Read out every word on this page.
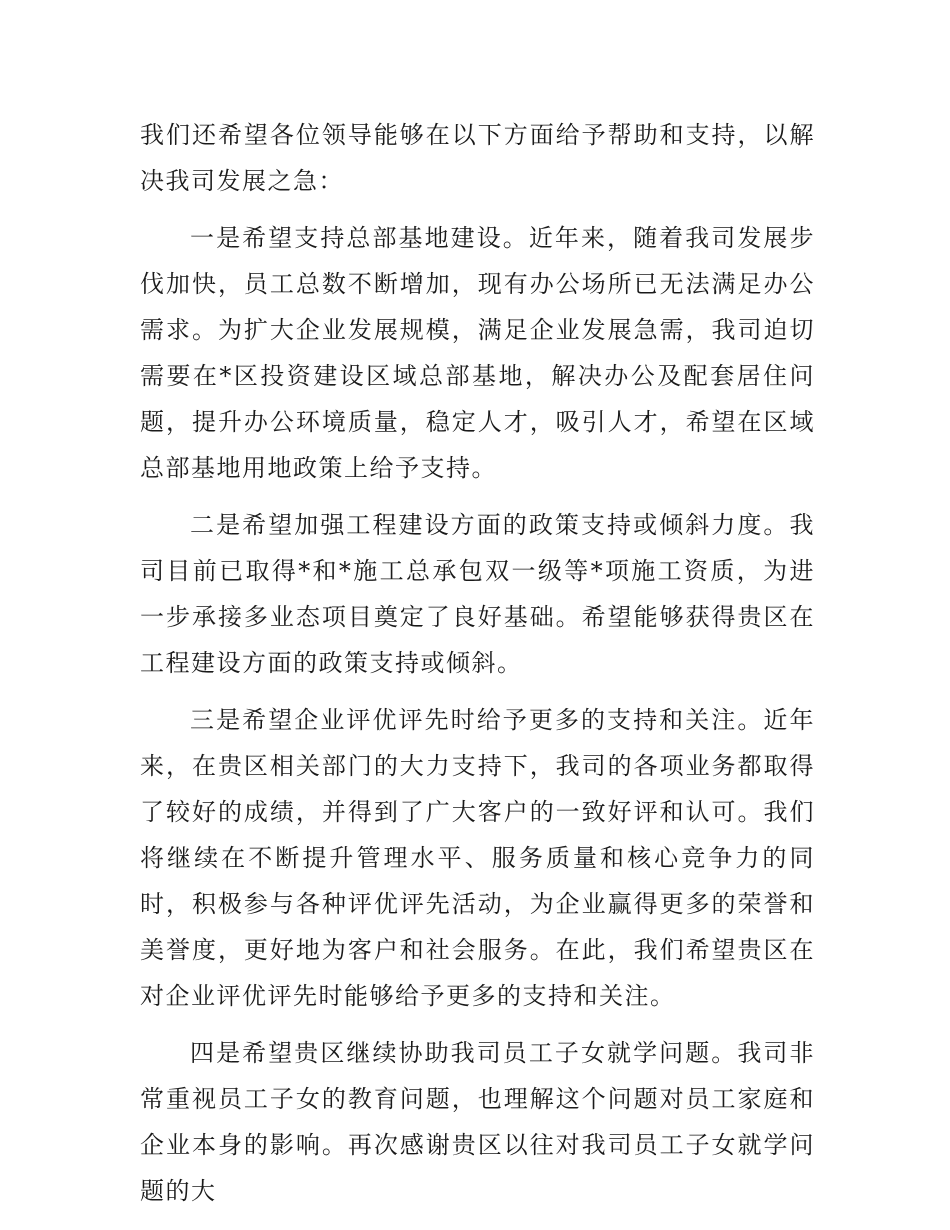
我们还希望各位领导能够在以下方面给予帮助和支持，以解决我司发展之急：

一是希望支持总部基地建设。近年来，随着我司发展步伐加快，员工总数不断增加，现有办公场所已无法满足办公需求。为扩大企业发展规模，满足企业发展急需，我司迫切需要在*区投资建设区域总部基地，解决办公及配套居住问题，提升办公环境质量，稳定人才，吸引人才，希望在区域总部基地用地政策上给予支持。

二是希望加强工程建设方面的政策支持或倾斜力度。我司目前已取得*和*施工总承包双一级等*项施工资质，为进一步承接多业态项目奠定了良好基础。希望能够获得贵区在工程建设方面的政策支持或倾斜。

三是希望企业评优评先时给予更多的支持和关注。近年来，在贵区相关部门的大力支持下，我司的各项业务都取得了较好的成绩，并得到了广大客户的一致好评和认可。我们将继续在不断提升管理水平、服务质量和核心竞争力的同时，积极参与各种评优评先活动，为企业赢得更多的荣誉和美誉度，更好地为客户和社会服务。在此，我们希望贵区在对企业评优评先时能够给予更多的支持和关注。

四是希望贵区继续协助我司员工子女就学问题。我司非常重视员工子女的教育问题，也理解这个问题对员工家庭和企业本身的影响。再次感谢贵区以往对我司员工子女就学问题的大
